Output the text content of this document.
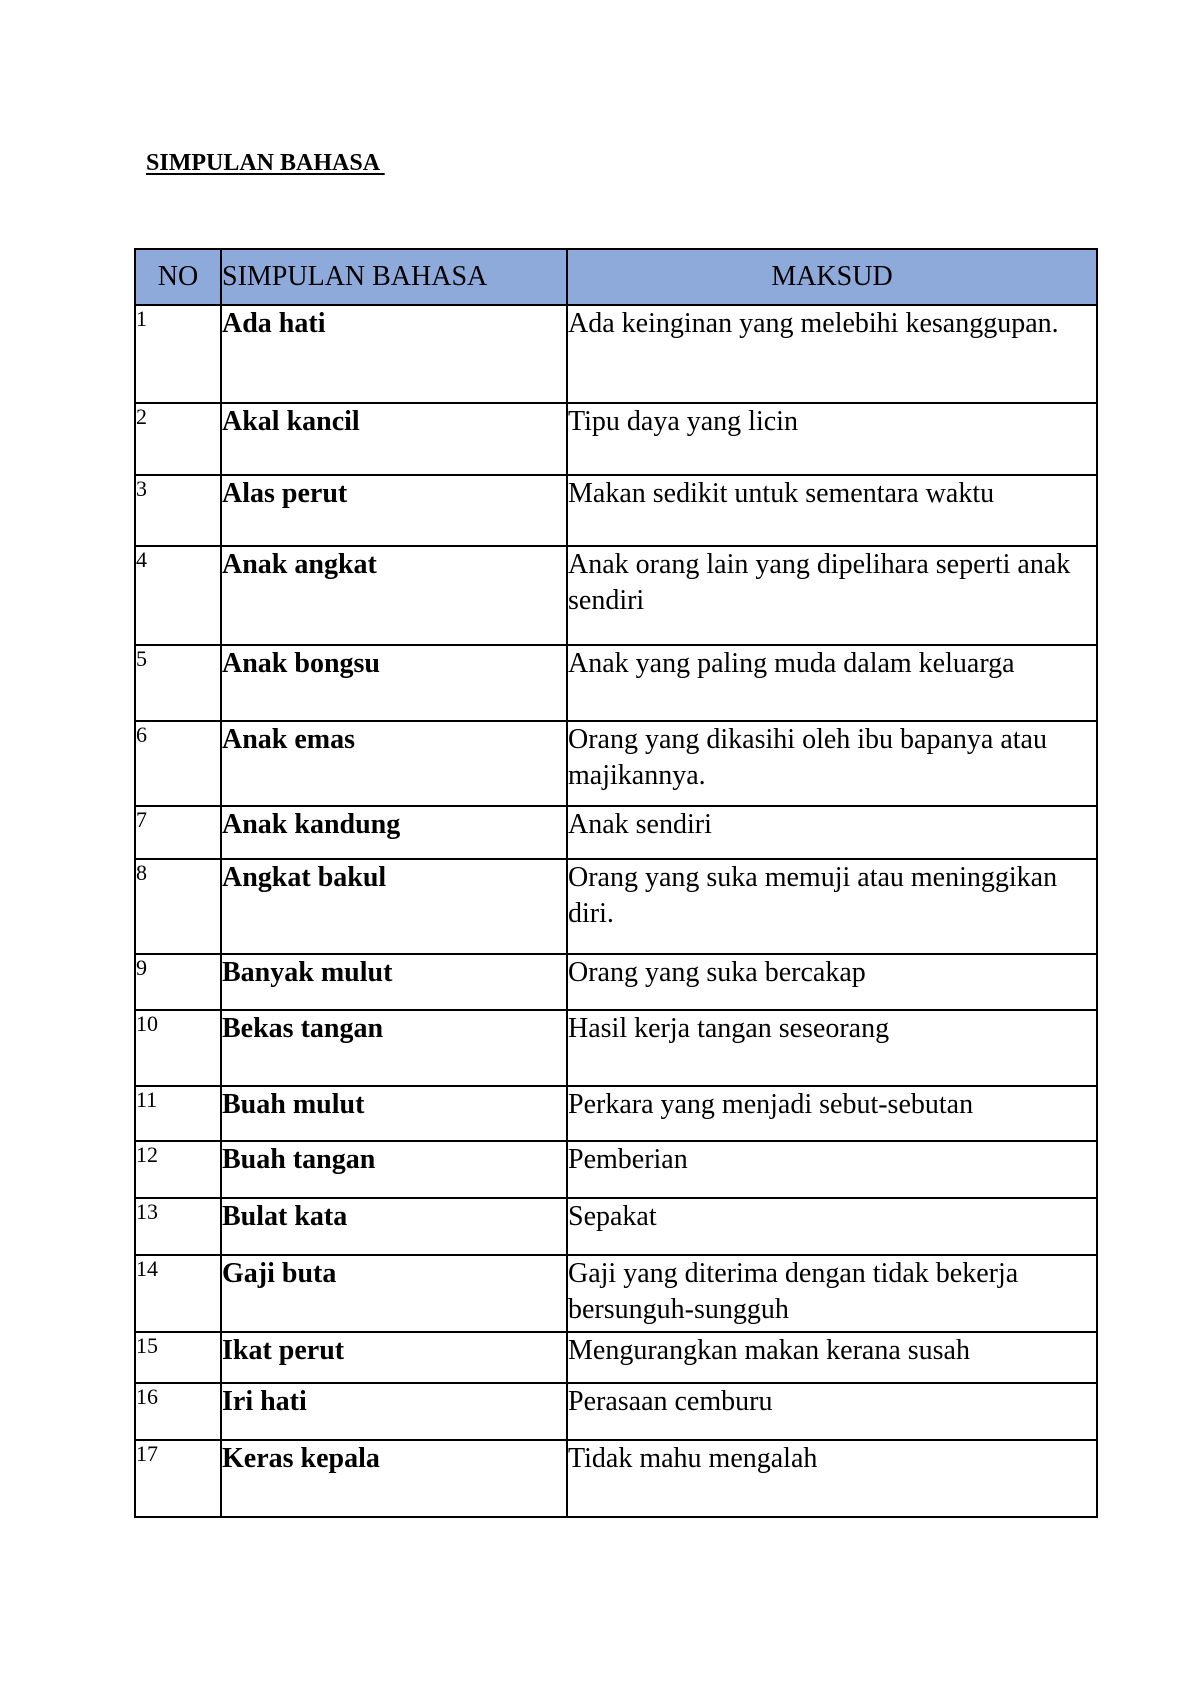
SIMPULAN BAHASA
NO	SIMPULAN BAHASA	MAKSUD
1	Ada hati	Ada keinginan yang melebihi kesanggupan.
2	Akal kancil	Tipu daya yang licin
3	Alas perut	Makan sedikit untuk sementara waktu
4	Anak angkat	Anak orang lain yang dipelihara seperti anak sendiri
5	Anak bongsu	Anak yang paling muda dalam keluarga
6	Anak emas	Orang yang dikasihi oleh ibu bapanya atau majikannya.
7	Anak kandung	Anak sendiri
8	Angkat bakul	Orang yang suka memuji atau meninggikan diri.
9	Banyak mulut	Orang yang suka bercakap
10	Bekas tangan	Hasil kerja tangan seseorang
11	Buah mulut	Perkara yang menjadi sebut-sebutan
12	Buah tangan	Pemberian
13	Bulat kata	Sepakat
14	Gaji buta	Gaji yang diterima dengan tidak bekerja bersunguh-sungguh
15	Ikat perut	Mengurangkan makan kerana susah
16	Iri hati	Perasaan cemburu
17	Keras kepala	Tidak mahu mengalah
